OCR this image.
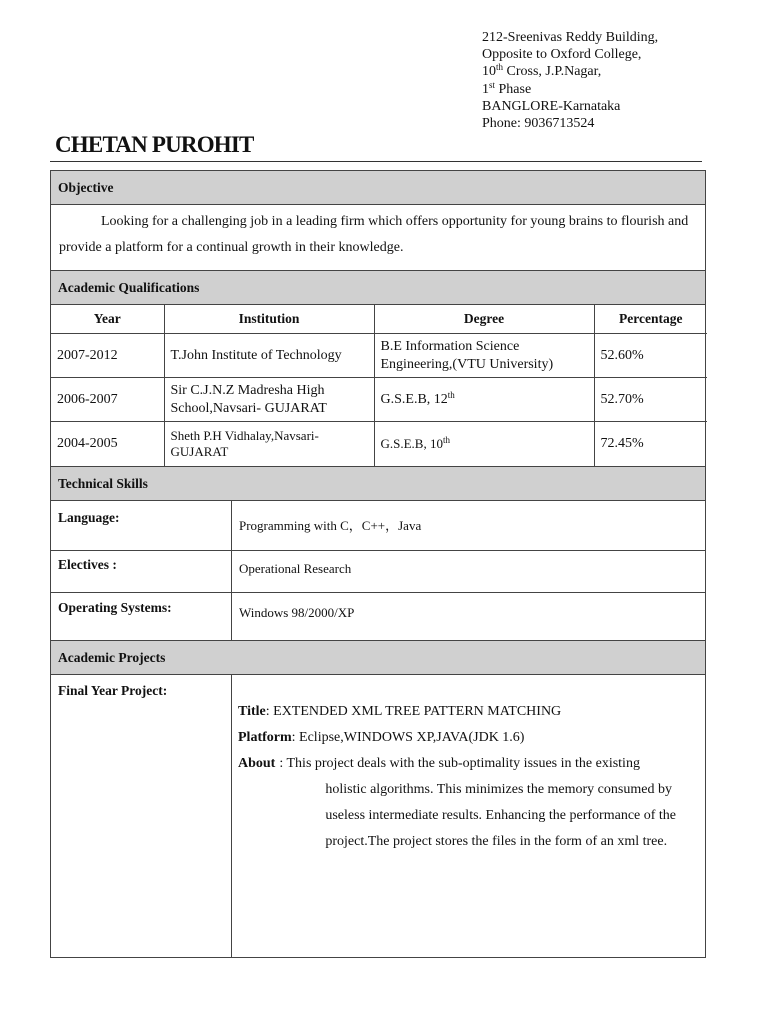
212-Sreenivas Reddy Building,
Opposite to Oxford College,
10th Cross, J.P.Nagar,
1st Phase
BANGLORE-Karnataka
Phone: 9036713524
CHETAN PUROHIT
Objective
Looking for a challenging job in a leading firm which offers opportunity for young brains to flourish and provide a platform for a continual growth in their knowledge.
Academic Qualifications

Year	Institution	Degree	Percentage
2007-2012	T.John Institute of Technology	B.E Information Science Engineering,(VTU University)	52.60%
2006-2007	Sir C.J.N.Z Madresha High School,Navsari- GUJARAT	G.S.E.B, 12th	52.70%
2004-2005	Sheth P.H Vidhalay,Navsari- GUJARAT	G.S.E.B, 10th	72.45%

Technical Skills

Language:	Programming with C，C++，Java
Electives :	Operational Research
Operating Systems:	Windows 98/2000/XP

Academic Projects

Final Year Project:	
Title: EXTENDED XML TREE PATTERN MATCHING
Platform: Eclipse,WINDOWS XP,JAVA(JDK 1.6)
About : This project deals with the sub-optimality issues in the existing
holistic algorithms. This minimizes the memory consumed by
useless intermediate results. Enhancing the performance of the
project.The project stores the files in the form of an xml tree.
